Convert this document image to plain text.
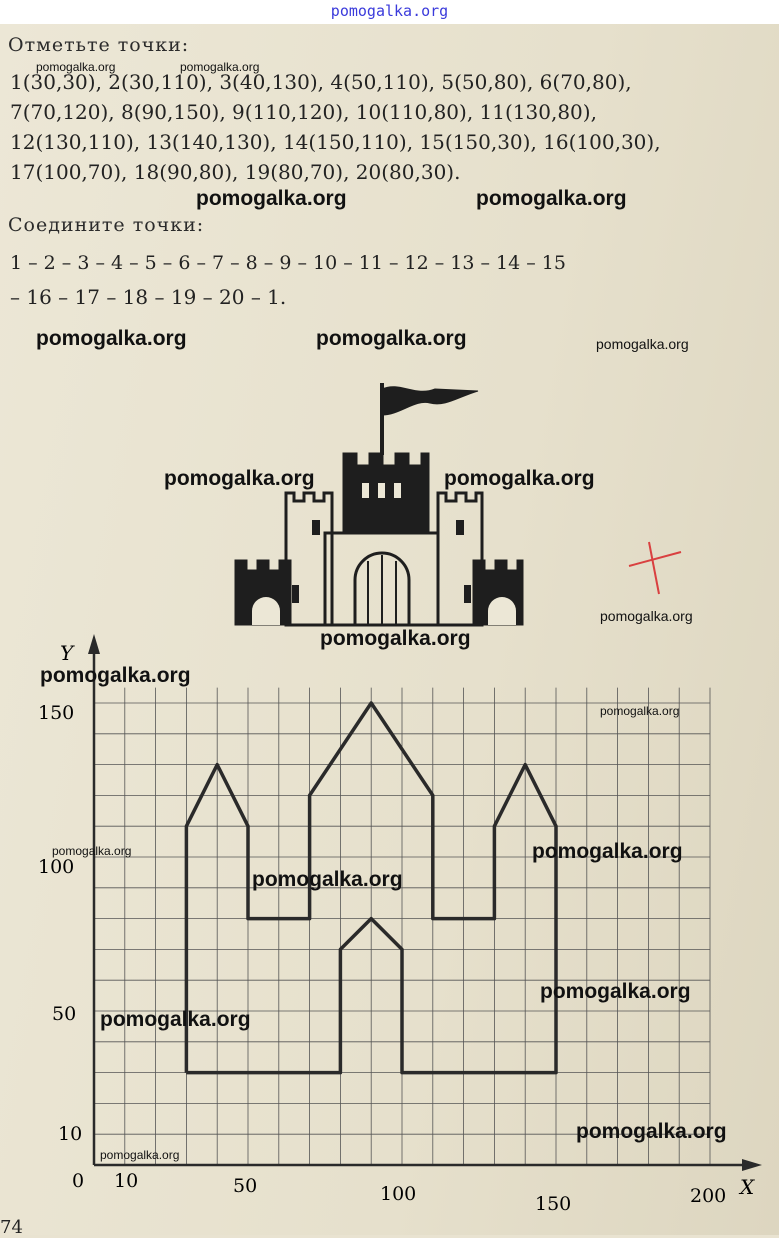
pomogalka.org
Отметьте точки:
1(30,30), 2(30,110), 3(40,130), 4(50,110), 5(50,80), 6(70,80),
7(70,120), 8(90,150), 9(110,120), 10(110,80), 11(130,80),
12(130,110), 13(140,130), 14(150,110), 15(150,30), 16(100,30),
17(100,70), 18(90,80), 19(80,70), 20(80,30).
Соедините точки:
1 – 2 – 3 – 4 – 5 – 6 – 7 – 8 – 9 – 10 – 11 – 12 – 13 – 14 – 15
– 16 – 17 – 18 – 19 – 20 – 1.
Y
X
150
100
50
10
0 10	50	100	150	200
pomogalka.org	pomogalka.org
pomogalka.org	pomogalka.org
pomogalka.org	pomogalka.org	pomogalka.org
pomogalka.org	pomogalka.org
pomogalka.org
pomogalka.org
pomogalka.org
pomogalka.org
pomogalka.org	pomogalka.org
pomogalka.org
pomogalka.org
pomogalka.org
pomogalka.org
pomogalka.org
74
